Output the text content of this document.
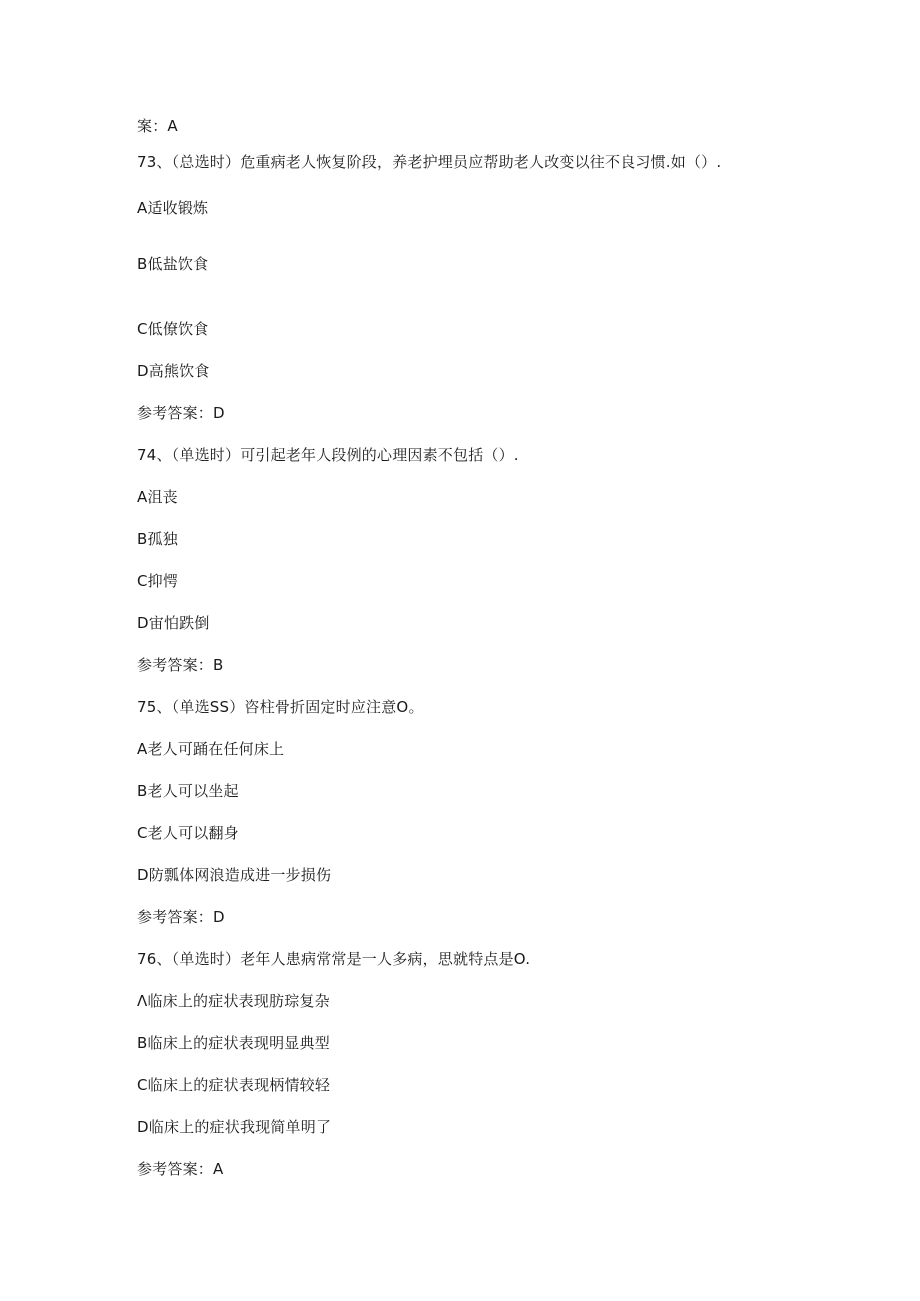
案：A
73、（总选时）危重病老人恢复阶段，养老护埋员应帮助老人改变以往不良习惯.如（）.
A适收锻炼
B低盐饮食
C低僚饮食
D高熊饮食
参考答案：D
74、（单选时）可引起老年人段例的心理因素不包括（）.
A沮丧
B孤独
C抑愕
D宙怕跌倒
参考答案：B
75、（单选SS）咨柱骨折固定时应注意O。
A老人可踊在任何床上
B老人可以坐起
C老人可以翻身
D防瓢体网浪造成进一步损伤
参考答案：D
76、（单选时）老年人患病常常是一人多病，思就特点是O.
Λ临床上的症状表现肪琮复杂
B临床上的症状表现明显典型
C临床上的症状表现柄情较轻
D临床上的症状我现简单明了
参考答案：A
